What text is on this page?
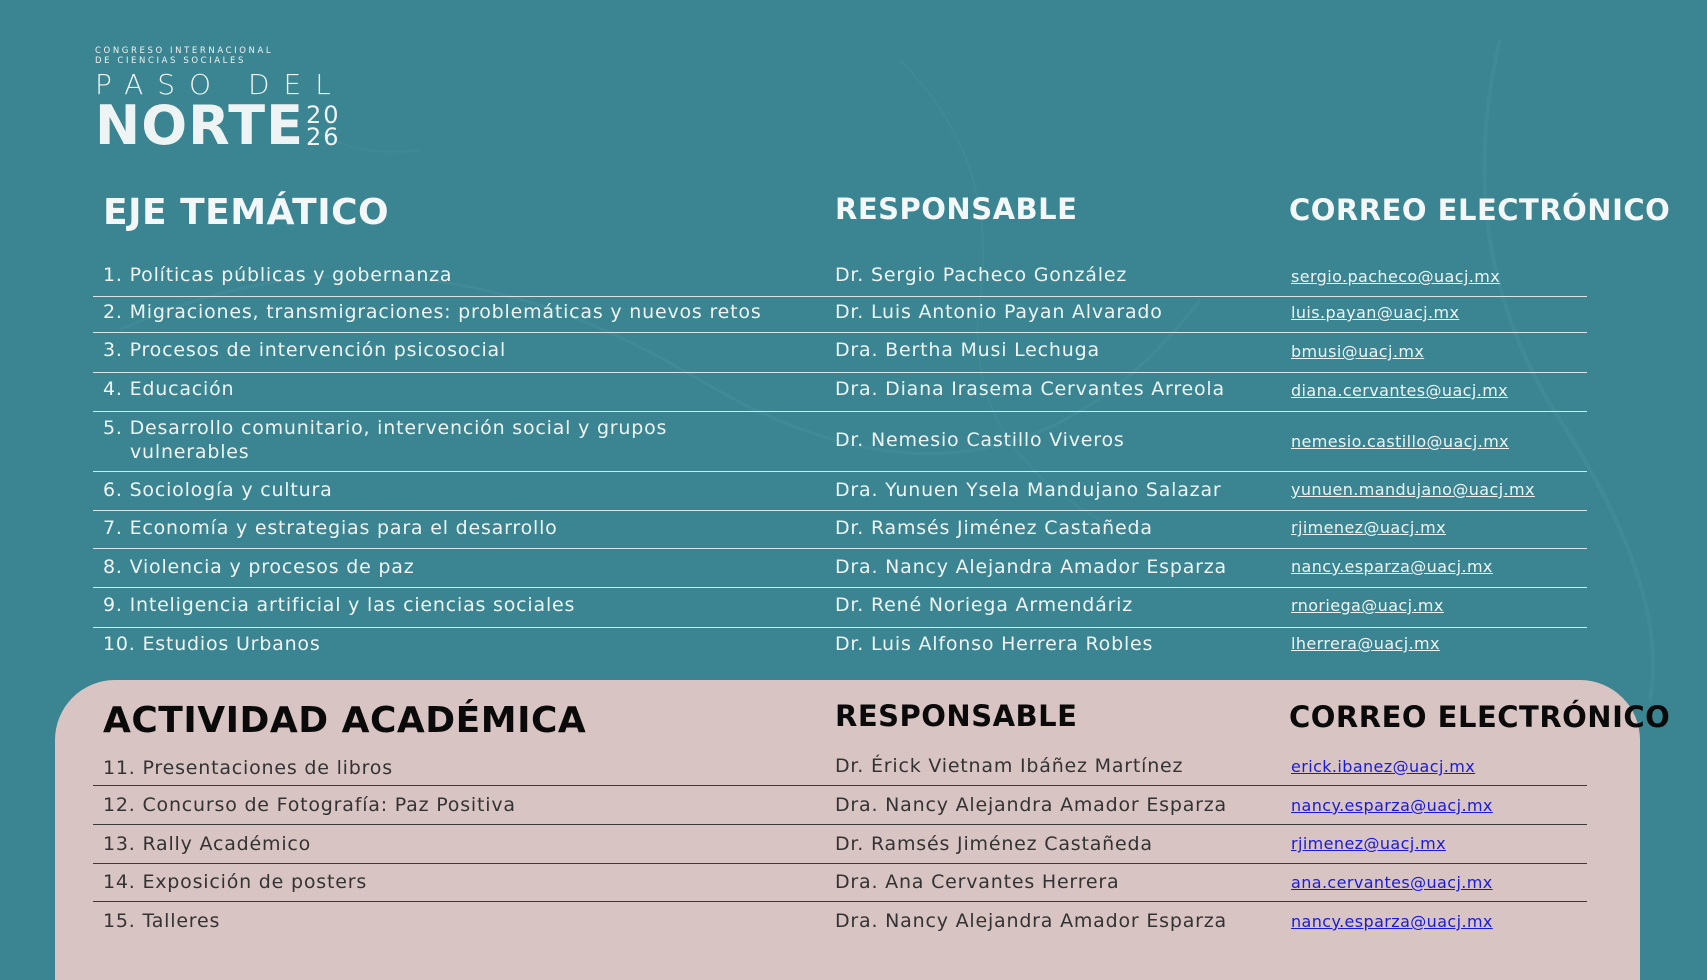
CONGRESO INTERNACIONAL
DE CIENCIAS SOCIALES
PASO DEL
NORTE 20
26
EJE TEMÁTICO	RESPONSABLE	CORREO ELECTRÓNICO
1. Políticas públicas y gobernanza	Dr. Sergio Pacheco González	sergio.pacheco@uacj.mx
2. Migraciones, transmigraciones: problemáticas y nuevos retos	Dr. Luis Antonio Payan Alvarado	luis.payan@uacj.mx
3. Procesos de intervención psicosocial	Dra. Bertha Musi Lechuga	bmusi@uacj.mx
4. Educación	Dra. Diana Irasema Cervantes Arreola	diana.cervantes@uacj.mx
5. Desarrollo comunitario, intervención social y grupos
vulnerables
Dr. Nemesio Castillo Viveros	nemesio.castillo@uacj.mx
6. Sociología y cultura	Dra. Yunuen Ysela Mandujano Salazar	yunuen.mandujano@uacj.mx
7. Economía y estrategias para el desarrollo	Dr. Ramsés Jiménez Castañeda	rjimenez@uacj.mx
8. Violencia y procesos de paz	Dra. Nancy Alejandra Amador Esparza	nancy.esparza@uacj.mx
9. Inteligencia artificial y las ciencias sociales	Dr. René Noriega Armendáriz	rnoriega@uacj.mx
10. Estudios Urbanos	Dr. Luis Alfonso Herrera Robles	lherrera@uacj.mx
ACTIVIDAD ACADÉMICA	RESPONSABLE	CORREO ELECTRÓNICO
11. Presentaciones de libros	Dr. Érick Vietnam Ibáñez Martínez	erick.ibanez@uacj.mx
12. Concurso de Fotografía: Paz Positiva	Dra. Nancy Alejandra Amador Esparza	nancy.esparza@uacj.mx
13. Rally Académico	Dr. Ramsés Jiménez Castañeda	rjimenez@uacj.mx
14. Exposición de posters	Dra. Ana Cervantes Herrera	ana.cervantes@uacj.mx
15. Talleres	Dra. Nancy Alejandra Amador Esparza	nancy.esparza@uacj.mx
